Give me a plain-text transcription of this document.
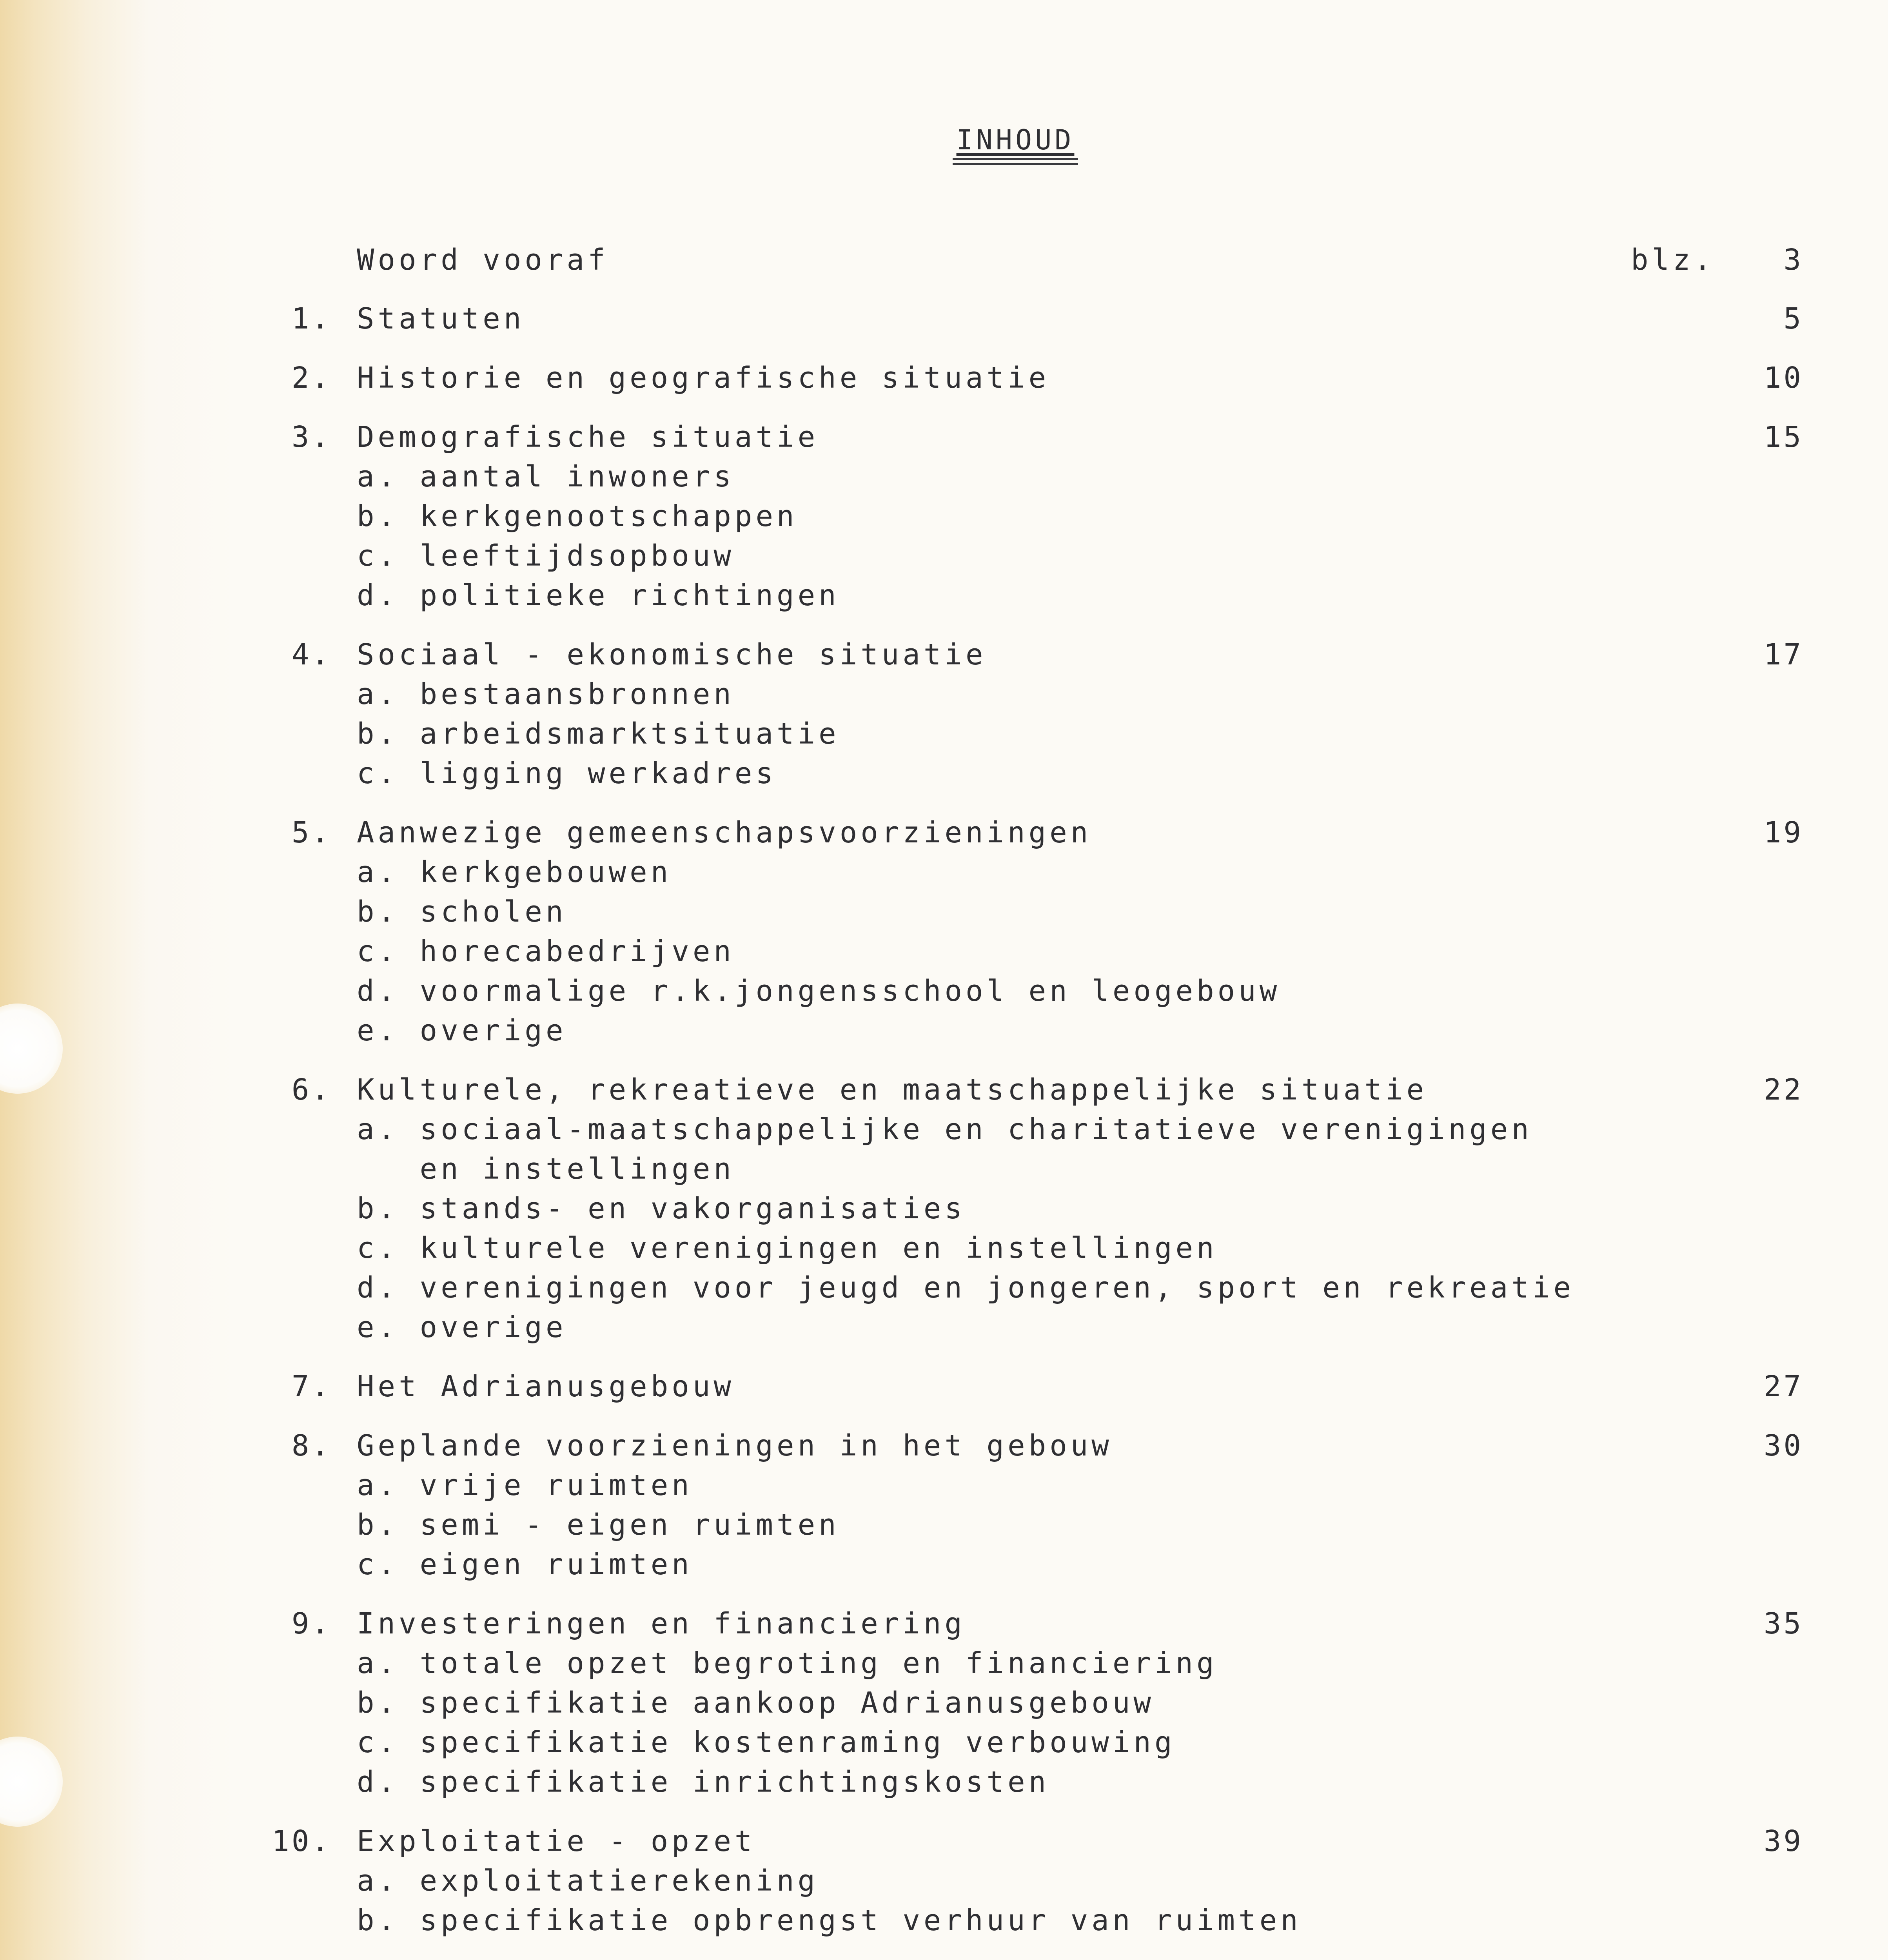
INHOUD
Woord vooraf	blz.	3
1. Statuten	5
2. Historie en geografische situatie	10
3. Demografische situatie	15
a. aantal inwoners
b. kerkgenootschappen
c. leeftijdsopbouw
d. politieke richtingen
4. Sociaal - ekonomische situatie	17
a. bestaansbronnen
b. arbeidsmarktsituatie
c. ligging werkadres
5. Aanwezige gemeenschapsvoorzieningen	19
a. kerkgebouwen
b. scholen
c. horecabedrijven
d. voormalige r.k.jongensschool en leogebouw
e. overige
6. Kulturele, rekreatieve en maatschappelijke situatie	22
a. sociaal-maatschappelijke en charitatieve verenigingen
en instellingen
b. stands- en vakorganisaties
c. kulturele verenigingen en instellingen
d. verenigingen voor jeugd en jongeren, sport en rekreatie
e. overige
7. Het Adrianusgebouw	27
8. Geplande voorzieningen in het gebouw	30
a. vrije ruimten
b. semi - eigen ruimten
c. eigen ruimten
9. Investeringen en financiering	35
a. totale opzet begroting en financiering
b. specifikatie aankoop Adrianusgebouw
c. specifikatie kostenraming verbouwing
d. specifikatie inrichtingskosten
10. Exploitatie - opzet	39
a. exploitatierekening
b. specifikatie opbrengst verhuur van ruimten
